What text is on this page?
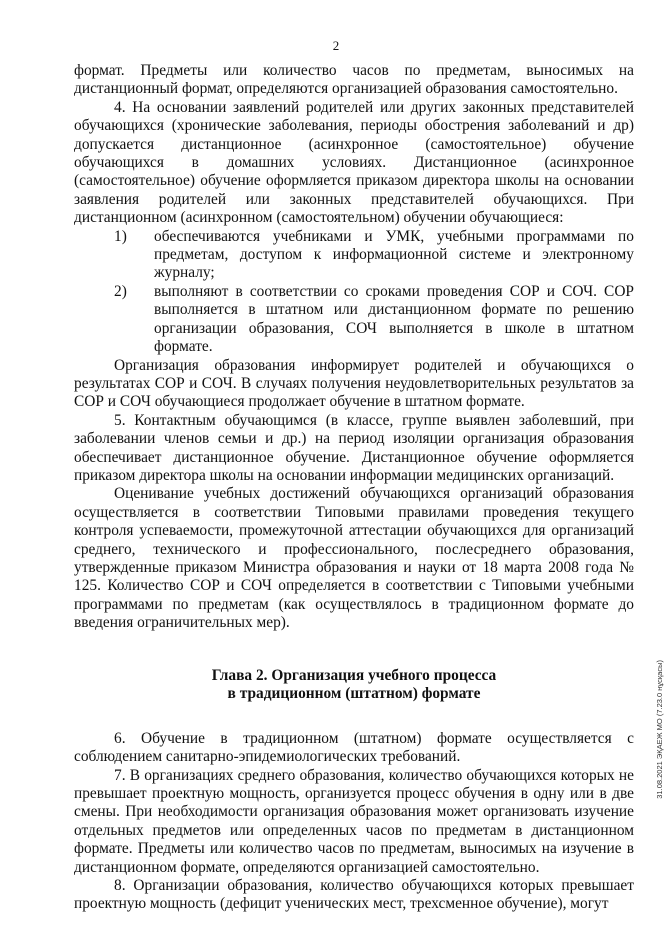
2

формат. Предметы или количество часов по предметам, выносимых на дистанционный формат, определяются организацией образования самостоятельно.

4. На основании заявлений родителей или других законных представителей обучающихся (хронические заболевания, периоды обострения заболеваний и др) допускается дистанционное (асинхронное (самостоятельное) обучение обучающихся в домашних условиях. Дистанционное (асинхронное (самостоятельное) обучение оформляется приказом директора школы на основании заявления родителей или законных представителей обучающихся. При дистанционном (асинхронном (самостоятельном) обучении обучающиеся:

1)	обеспечиваются учебниками и УМК, учебными программами по предметам, доступом к информационной системе и электронному журналу;
2)	выполняют в соответствии со сроками проведения СОР и СОЧ. СОР выполняется в штатном или дистанционном формате по решению организации образования, СОЧ выполняется в школе в штатном формате.

Организация образования информирует родителей и обучающихся о результатах СОР и СОЧ. В случаях получения неудовлетворительных результатов за СОР и СОЧ обучающиеся продолжает обучение в штатном формате.

5. Контактным обучающимся (в классе, группе выявлен заболевший, при заболевании членов семьи и др.) на период изоляции организация образования обеспечивает дистанционное обучение. Дистанционное обучение оформляется приказом директора школы на основании информации медицинских организаций.

Оценивание учебных достижений обучающихся организаций образования осуществляется в соответствии Типовыми правилами проведения текущего контроля успеваемости, промежуточной аттестации обучающихся для организаций среднего, технического и профессионального, послесреднего образования, утвержденные приказом Министра образования и науки от 18 марта 2008 года № 125. Количество СОР и СОЧ определяется в соответствии с Типовыми учебными программами по предметам (как осуществлялось в традиционном формате до введения ограничительных мер).

Глава 2. Организация учебного процесса
в традиционном (штатном) формате

6. Обучение в традиционном (штатном) формате осуществляется с соблюдением санитарно-эпидемиологических требований.

7. В организациях среднего образования, количество обучающихся которых не превышает проектную мощность, организуется процесс обучения в одну или в две смены. При необходимости организация образования может организовать изучение отдельных предметов или определенных часов по предметам в дистанционном формате. Предметы или количество часов по предметам, выносимых на изучение в дистанционном формате, определяются организацией самостоятельно.

8. Организации образования, количество обучающихся которых превышает проектную мощность (дефицит ученических мест, трехсменное обучение), могут

31.08.2021 ЭҚАЕЖ МО (7.23.0 нұсқасы)
